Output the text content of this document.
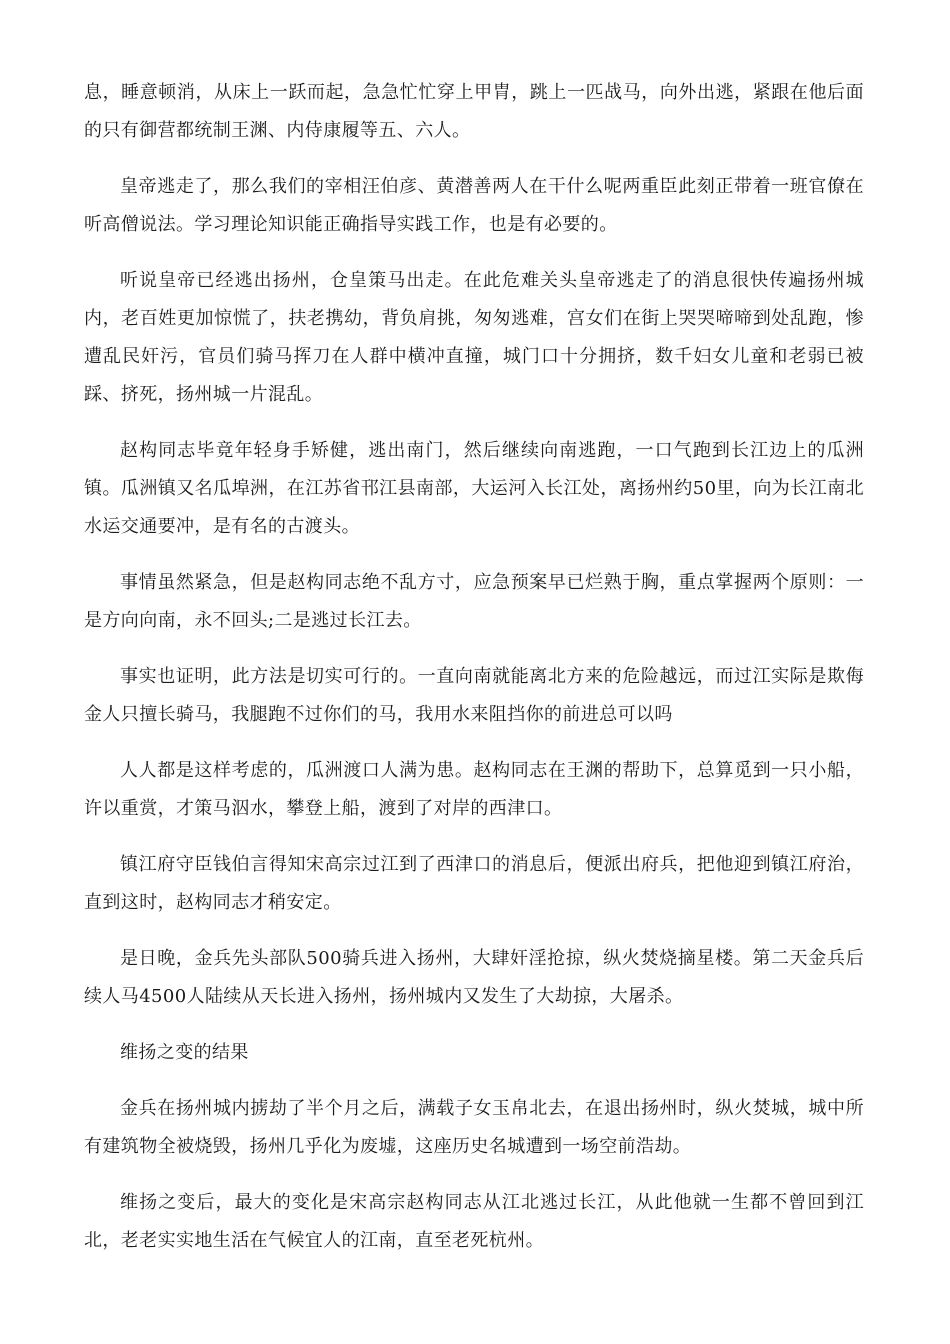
息，睡意顿消，从床上一跃而起，急急忙忙穿上甲胄，跳上一匹战马，向外出逃，紧跟在他后面的只有御营都统制王渊、内侍康履等五、六人。

皇帝逃走了，那么我们的宰相汪伯彦、黄潜善两人在干什么呢两重臣此刻正带着一班官僚在听高僧说法。学习理论知识能正确指导实践工作，也是有必要的。

听说皇帝已经逃出扬州，仓皇策马出走。在此危难关头皇帝逃走了的消息很快传遍扬州城内，老百姓更加惊慌了，扶老携幼，背负肩挑，匆匆逃难，宫女们在街上哭哭啼啼到处乱跑，惨遭乱民奸污，官员们骑马挥刀在人群中横冲直撞，城门口十分拥挤，数千妇女儿童和老弱已被踩、挤死，扬州城一片混乱。

赵构同志毕竟年轻身手矫健，逃出南门，然后继续向南逃跑，一口气跑到长江边上的瓜洲镇。瓜洲镇又名瓜埠洲，在江苏省邗江县南部，大运河入长江处，离扬州约50里，向为长江南北水运交通要冲，是有名的古渡头。

事情虽然紧急，但是赵构同志绝不乱方寸，应急预案早已烂熟于胸，重点掌握两个原则：一是方向向南，永不回头;二是逃过长江去。

事实也证明，此方法是切实可行的。一直向南就能离北方来的危险越远，而过江实际是欺侮金人只擅长骑马，我腿跑不过你们的马，我用水来阻挡你的前进总可以吗

人人都是这样考虑的，瓜洲渡口人满为患。赵构同志在王渊的帮助下，总算觅到一只小船，许以重赏，才策马泅水，攀登上船，渡到了对岸的西津口。

镇江府守臣钱伯言得知宋高宗过江到了西津口的消息后，便派出府兵，把他迎到镇江府治，直到这时，赵构同志才稍安定。

是日晚，金兵先头部队500骑兵进入扬州，大肆奸淫抢掠，纵火焚烧摘星楼。第二天金兵后续人马4500人陆续从天长进入扬州，扬州城内又发生了大劫掠，大屠杀。

维扬之变的结果

金兵在扬州城内掳劫了半个月之后，满载子女玉帛北去，在退出扬州时，纵火焚城，城中所有建筑物全被烧毁，扬州几乎化为废墟，这座历史名城遭到一场空前浩劫。

维扬之变后，最大的变化是宋高宗赵构同志从江北逃过长江，从此他就一生都不曾回到江北，老老实实地生活在气候宜人的江南，直至老死杭州。
